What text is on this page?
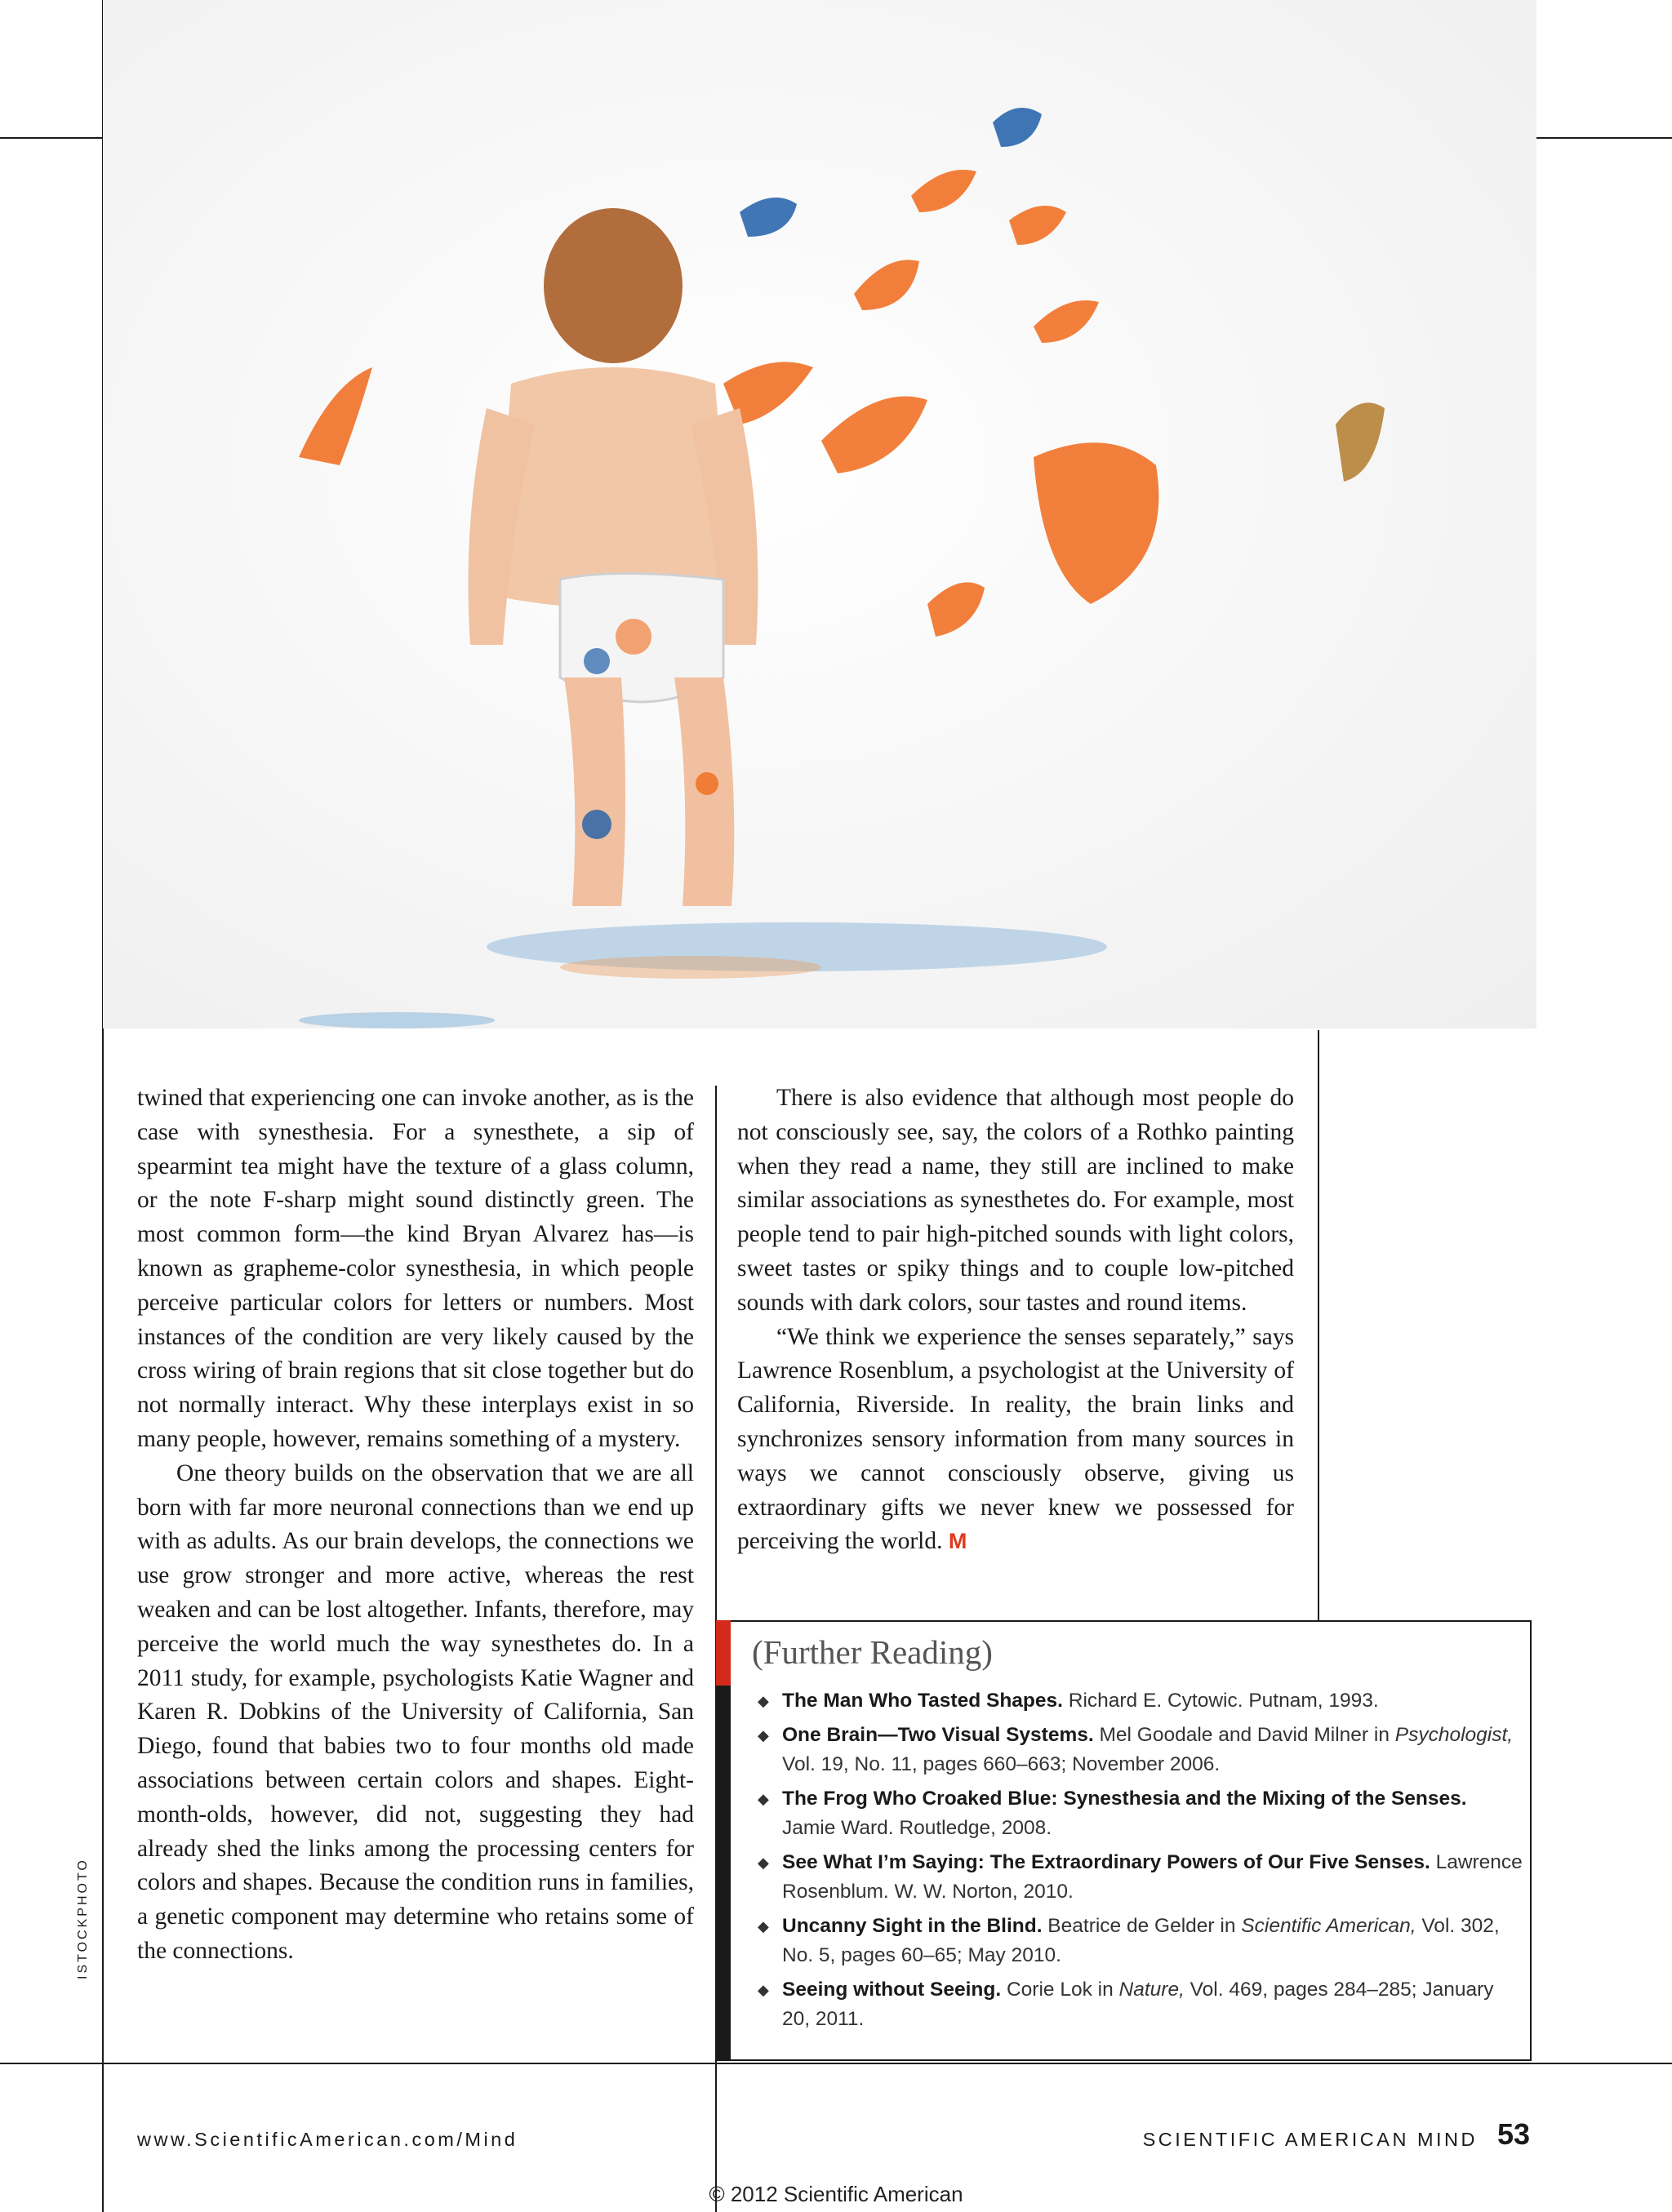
ISTOCKPHOTO

twined that experiencing one can invoke another, as is the case with synesthesia. For a synesthete, a sip of spearmint tea might have the texture of a glass column, or the note F-sharp might sound distinctly green. The most common form—the kind Bryan Alvarez has—is known as grapheme-color synesthesia, in which people perceive particular colors for letters or numbers. Most instances of the condition are very likely caused by the cross wiring of brain regions that sit close together but do not normally interact. Why these interplays exist in so many people, however, remains something of a mystery.

One theory builds on the observation that we are all born with far more neuronal connections than we end up with as adults. As our brain develops, the connections we use grow stronger and more active, whereas the rest weaken and can be lost altogether. Infants, therefore, may perceive the world much the way synesthetes do. In a 2011 study, for example, psychologists Katie Wagner and Karen R. Dobkins of the University of California, San Diego, found that babies two to four months old made associations between certain colors and shapes. Eight-month-olds, however, did not, suggesting they had already shed the links among the processing centers for colors and shapes. Because the condition runs in families, a genetic component may determine who retains some of the connections.

There is also evidence that although most people do not consciously see, say, the colors of a Rothko painting when they read a name, they still are inclined to make similar associations as synesthetes do. For example, most people tend to pair high-pitched sounds with light colors, sweet tastes or spiky things and to couple low-pitched sounds with dark colors, sour tastes and round items.

“We think we experience the senses separately,” says Lawrence Rosenblum, a psychologist at the University of California, Riverside. In reality, the brain links and synchronizes sensory information from many sources in ways we cannot consciously observe, giving us extraordinary gifts we never knew we possessed for perceiving the world. M

(Further Reading)
◆ The Man Who Tasted Shapes. Richard E. Cytowic. Putnam, 1993.
◆ One Brain—Two Visual Systems. Mel Goodale and David Milner in Psychologist, Vol. 19, No. 11, pages 660–663; November 2006.
◆ The Frog Who Croaked Blue: Synesthesia and the Mixing of the Senses. Jamie Ward. Routledge, 2008.
◆ See What I’m Saying: The Extraordinary Powers of Our Five Senses. Lawrence Rosenblum. W. W. Norton, 2010.
◆ Uncanny Sight in the Blind. Beatrice de Gelder in Scientific American, Vol. 302, No. 5, pages 60–65; May 2010.
◆ Seeing without Seeing. Corie Lok in Nature, Vol. 469, pages 284–285; January 20, 2011.
www.ScientificAmerican.com/Mind	SCIENTIFIC AMERICAN MIND 53
© 2012 Scientific American
